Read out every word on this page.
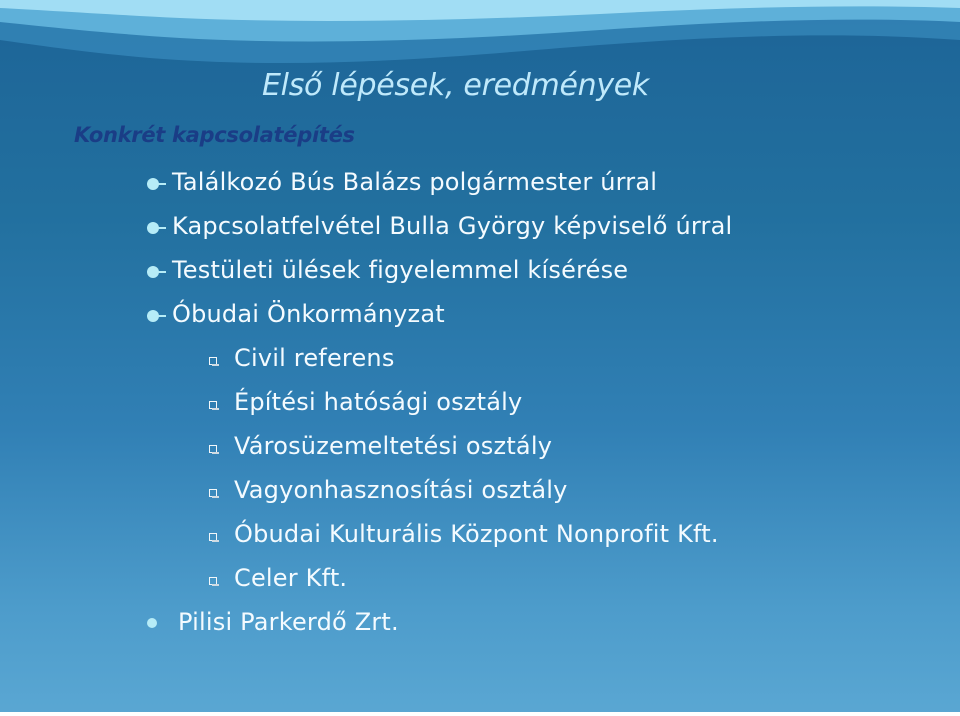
Első lépések, eredmények
Konkrét kapcsolatépítés
Találkozó Bús Balázs polgármester úrral
Kapcsolatfelvétel Bulla György képviselő úrral
Testületi ülések figyelemmel kísérése
Óbudai Önkormányzat
Civil referens
Építési hatósági osztály
Városüzemeltetési osztály
Vagyonhasznosítási osztály
Óbudai Kulturális Központ Nonprofit Kft.
Celer Kft.
Pilisi Parkerdő Zrt.
